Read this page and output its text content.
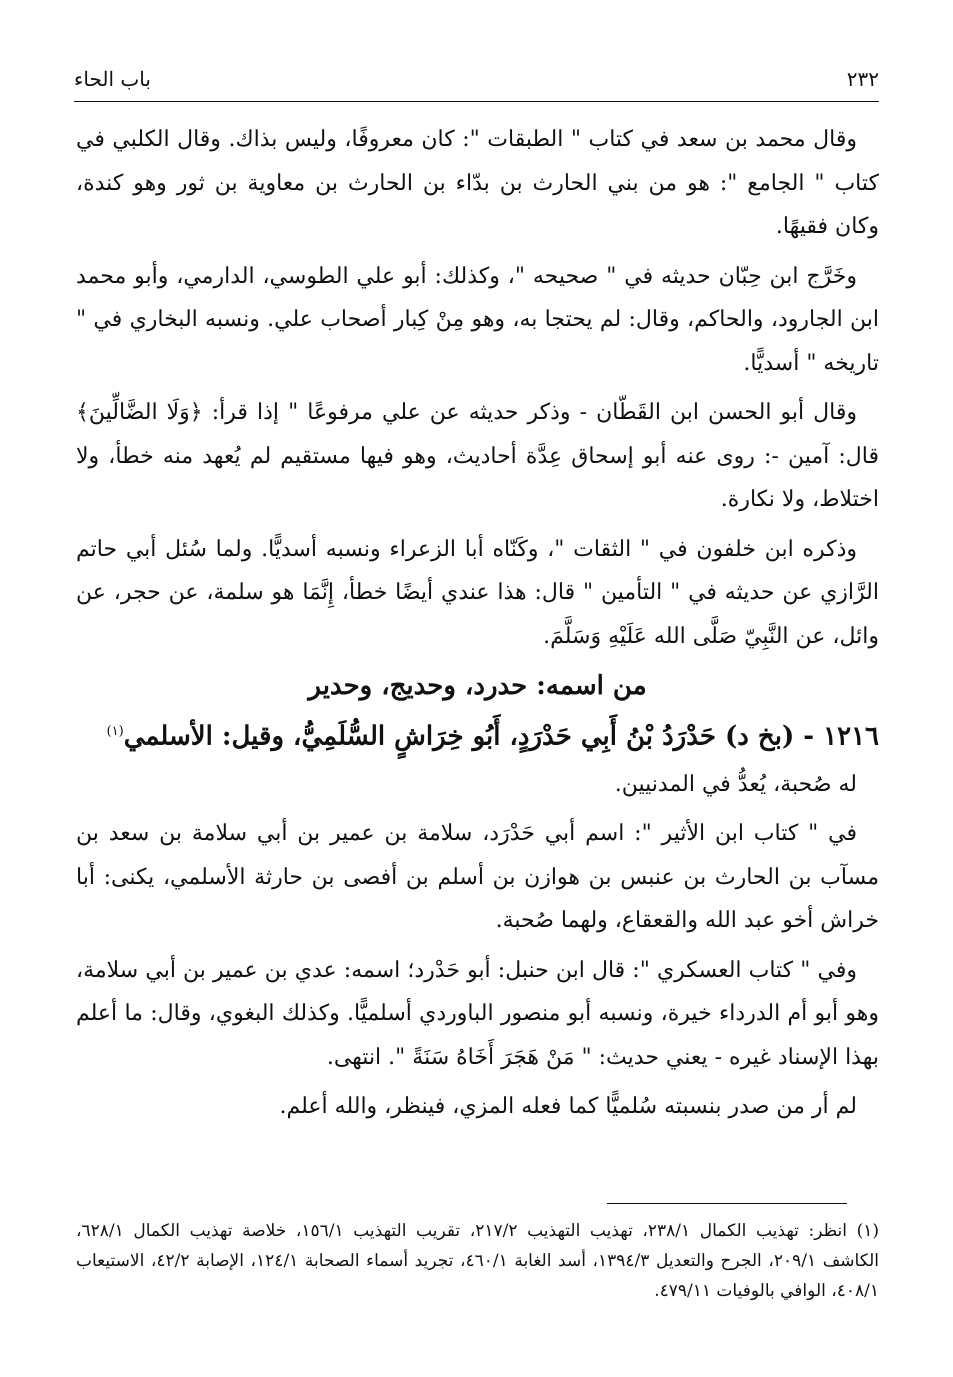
٢٣٢
باب الحاء

وقال محمد بن سعد في كتاب " الطبقات ": كان معروفًا، وليس بذاك. وقال الكلبي في كتاب " الجامع ": هو من بني الحارث بن بدّاء بن الحارث بن معاوية بن ثور وهو كندة، وكان فقيهًا.

وخَرَّج ابن حِبّان حديثه في " صحيحه "، وكذلك: أبو علي الطوسي، الدارمي، وأبو محمد ابن الجارود، والحاكم، وقال: لم يحتجا به، وهو مِنْ كِبار أصحاب علي. ونسبه البخاري في " تاريخه " أسديًّا.

وقال أبو الحسن ابن القَطّان - وذكر حديثه عن علي مرفوعًا " إذا قرأ: ﴿وَلَا الضَّالِّينَ﴾ قال: آمين -: روى عنه أبو إسحاق عِدَّة أحاديث، وهو فيها مستقيم لم يُعهد منه خطأ، ولا اختلاط، ولا نكارة.

وذكره ابن خلفون في " الثقات "، وكَنّاه أبا الزعراء ونسبه أسديًّا. ولما سُئل أبي حاتم الرَّازي عن حديثه في " التأمين " قال: هذا عندي أيضًا خطأ، إِنَّمَا هو سلمة، عن حجر، عن وائل، عن النَّبِيّ صَلَّى الله عَلَيْهِ وَسَلَّمَ.

من اسمه: حدرد، وحديج، وحدير
١٢١٦ - (بخ د) حَدْرَدُ بْنُ أَبِي حَدْرَدٍ، أَبُو خِرَاشٍ السُّلَمِيُّ، وقيل: الأسلمي$^{(١)}$

له صُحبة، يُعدُّ في المدنيين.

في " كتاب ابن الأثير ": اسم أبي حَدْرَد، سلامة بن عمير بن أبي سلامة بن سعد بن مسآب بن الحارث بن عنبس بن هوازن بن أسلم بن أفصى بن حارثة الأسلمي، يكنى: أبا خراش أخو عبد الله والقعقاع، ولهما صُحبة.

وفي " كتاب العسكري ": قال ابن حنبل: أبو حَدْرد؛ اسمه: عدي بن عمير بن أبي سلامة، وهو أبو أم الدرداء خيرة، ونسبه أبو منصور الباوردي أسلميًّا. وكذلك البغوي، وقال: ما أعلم بهذا الإسناد غيره - يعني حديث: " مَنْ هَجَرَ أَخَاهُ سَنَةً ". انتهى.

لم أر من صدر بنسبته سُلميًّا كما فعله المزي، فينظر، والله أعلم.

(١) انظر: تهذيب الكمال ٢٣٨/١، تهذيب التهذيب ٢١٧/٢، تقريب التهذيب ١٥٦/١، خلاصة تهذيب الكمال ٦٢٨/١، الكاشف ٢٠٩/١، الجرح والتعديل ١٣٩٤/٣، أسد الغابة ٤٦٠/١، تجريد أسماء الصحابة ١٢٤/١، الإصابة ٤٢/٢، الاستيعاب ٤٠٨/١، الوافي بالوفيات ٤٧٩/١١.
